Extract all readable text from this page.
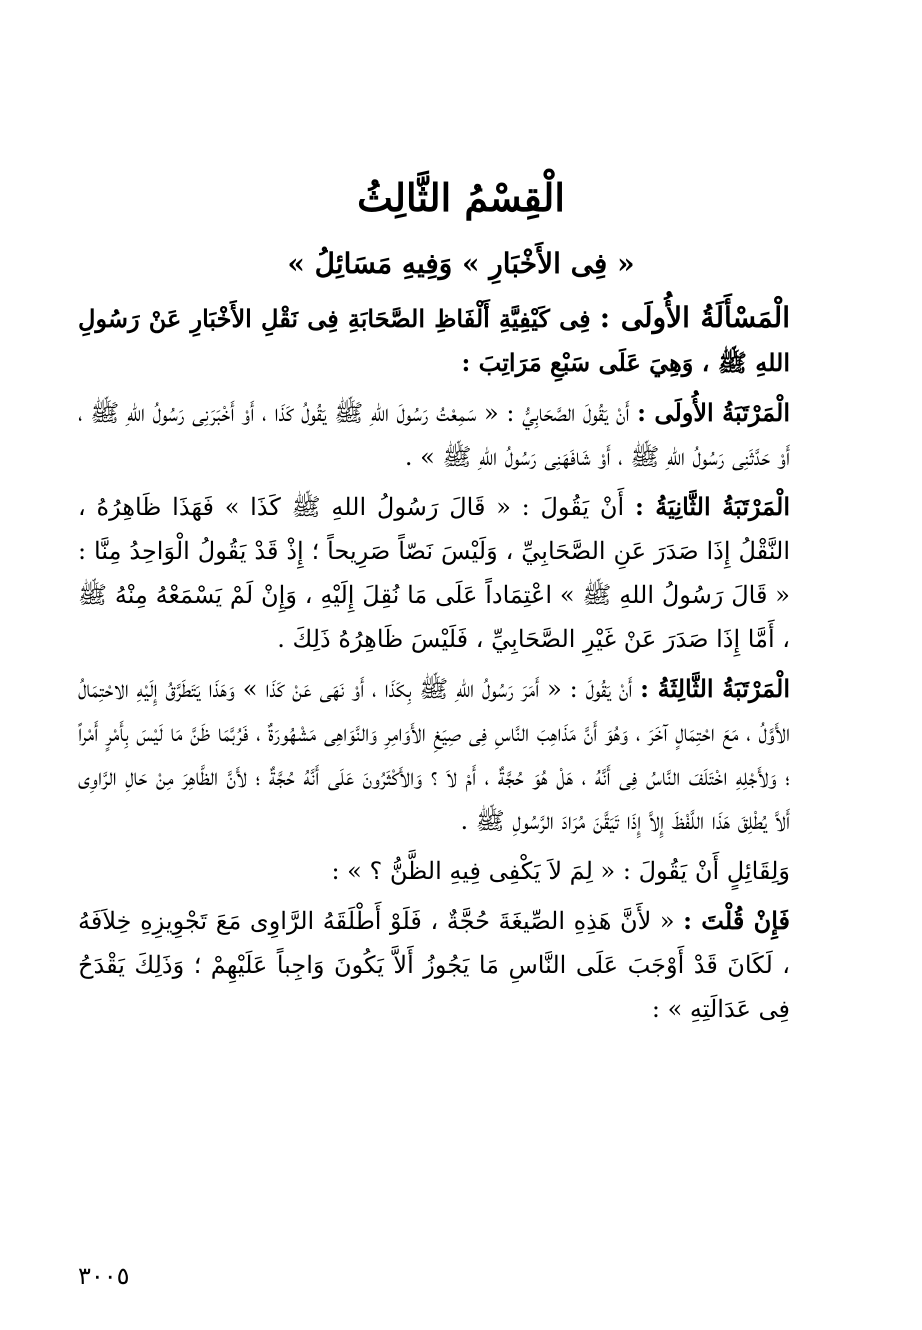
الْقِسْمُ الثَّالِثُ
« فِى الأَخْبَارِ » وَفِيهِ مَسَائِلُ »

الْمَسْأَلَةُ الأُولَى : فِى كَيْفِيَّةِ أَلْفَاظِ الصَّحَابَةِ فِى نَقْلِ الأَخْبَارِ عَنْ رَسُولِ اللهِ ﷺ ، وَهِيَ عَلَى سَبْعِ مَرَاتِبَ :

الْمَرْتَبَةُ الأُولَى : أَنْ يَقُولَ الصَّحَابِيُّ : « سَمِعْتُ رَسُولَ اللهِ ﷺ يَقُولُ كَذَا ، أَوْ أَخْبَرَنِى رَسُولُ اللهِ ﷺ ، أَوْ حَدَّثَنِى رَسُولُ اللهِ ﷺ ، أَوْ شَافَهَنِى رَسُولُ اللهِ ﷺ » .

الْمَرْتَبَةُ الثَّانِيَةُ : أَنْ يَقُولَ : « قَالَ رَسُولُ اللهِ ﷺ كَذَا » فَهَذَا ظَاهِرُهُ ، النَّقْلُ إِذَا صَدَرَ عَنِ الصَّحَابِيِّ ، وَلَيْسَ نَصّاً صَرِيحاً ؛ إِذْ قَدْ يَقُولُ الْوَاحِدُ مِنَّا : « قَالَ رَسُولُ اللهِ ﷺ » اعْتِمَاداً عَلَى مَا نُقِلَ إِلَيْهِ ، وَإِنْ لَمْ يَسْمَعْهُ مِنْهُ ﷺ ، أَمَّا إِذَا صَدَرَ عَنْ غَيْرِ الصَّحَابِيِّ ، فَلَيْسَ ظَاهِرُهُ ذَلِكَ .

الْمَرْتَبَةُ الثَّالِثَةُ : أَنْ يَقُولَ : « أَمَرَ رَسُولُ اللهِ ﷺ بِكَذَا ، أَوْ نَهَى عَنْ كَذَا » وَهَذَا يَتَطَرَّقُ إِلَيْهِ الاحْتِمَالُ الأَوَّلُ ، مَعَ احْتِمَالٍ آخَرَ ، وَهُوَ أَنَّ مَذَاهِبَ النَّاسِ فِى صِيَغِ الأَوَامِرِ وَالنَّوَاهِى مَشْهُورَةٌ ، فَرُبَّمَا ظَنَّ مَا لَيْسَ بِأَمْرٍ أَمْراً ؛ وَلأَجْلِهِ اخْتَلَفَ النَّاسُ فِى أَنَّهُ ، هَلْ هُوَ حُجَّةٌ ، أَمْ لاَ ؟ وَالأَكْثَرُونَ عَلَى أَنَّهُ حُجَّةٌ ؛ لأَنَّ الظَّاهِرَ مِنْ حَالِ الرَّاوِى أَلاَّ يُطْلِقَ هَذَا اللَّفْظَ إِلاَّ إِذَا تَيَقَّنَ مُرَادَ الرَّسُولِ ﷺ .

وَلِقَائِلٍ أَنْ يَقُولَ : « لِمَ لاَ يَكْفِى فِيهِ الظَّنُّ ؟ » :

فَإِنْ قُلْتَ : « لأَنَّ هَذِهِ الصِّيغَةَ حُجَّةٌ ، فَلَوْ أَطْلَقَهُ الرَّاوِى مَعَ تَجْوِيزِهِ خِلاَفَهُ ، لَكَانَ قَدْ أَوْجَبَ عَلَى النَّاسِ مَا يَجُوزُ أَلاَّ يَكُونَ وَاجِباً عَلَيْهِمْ ؛ وَذَلِكَ يَقْدَحُ فِى عَدَالَتِهِ » :

٣٠٠٥
